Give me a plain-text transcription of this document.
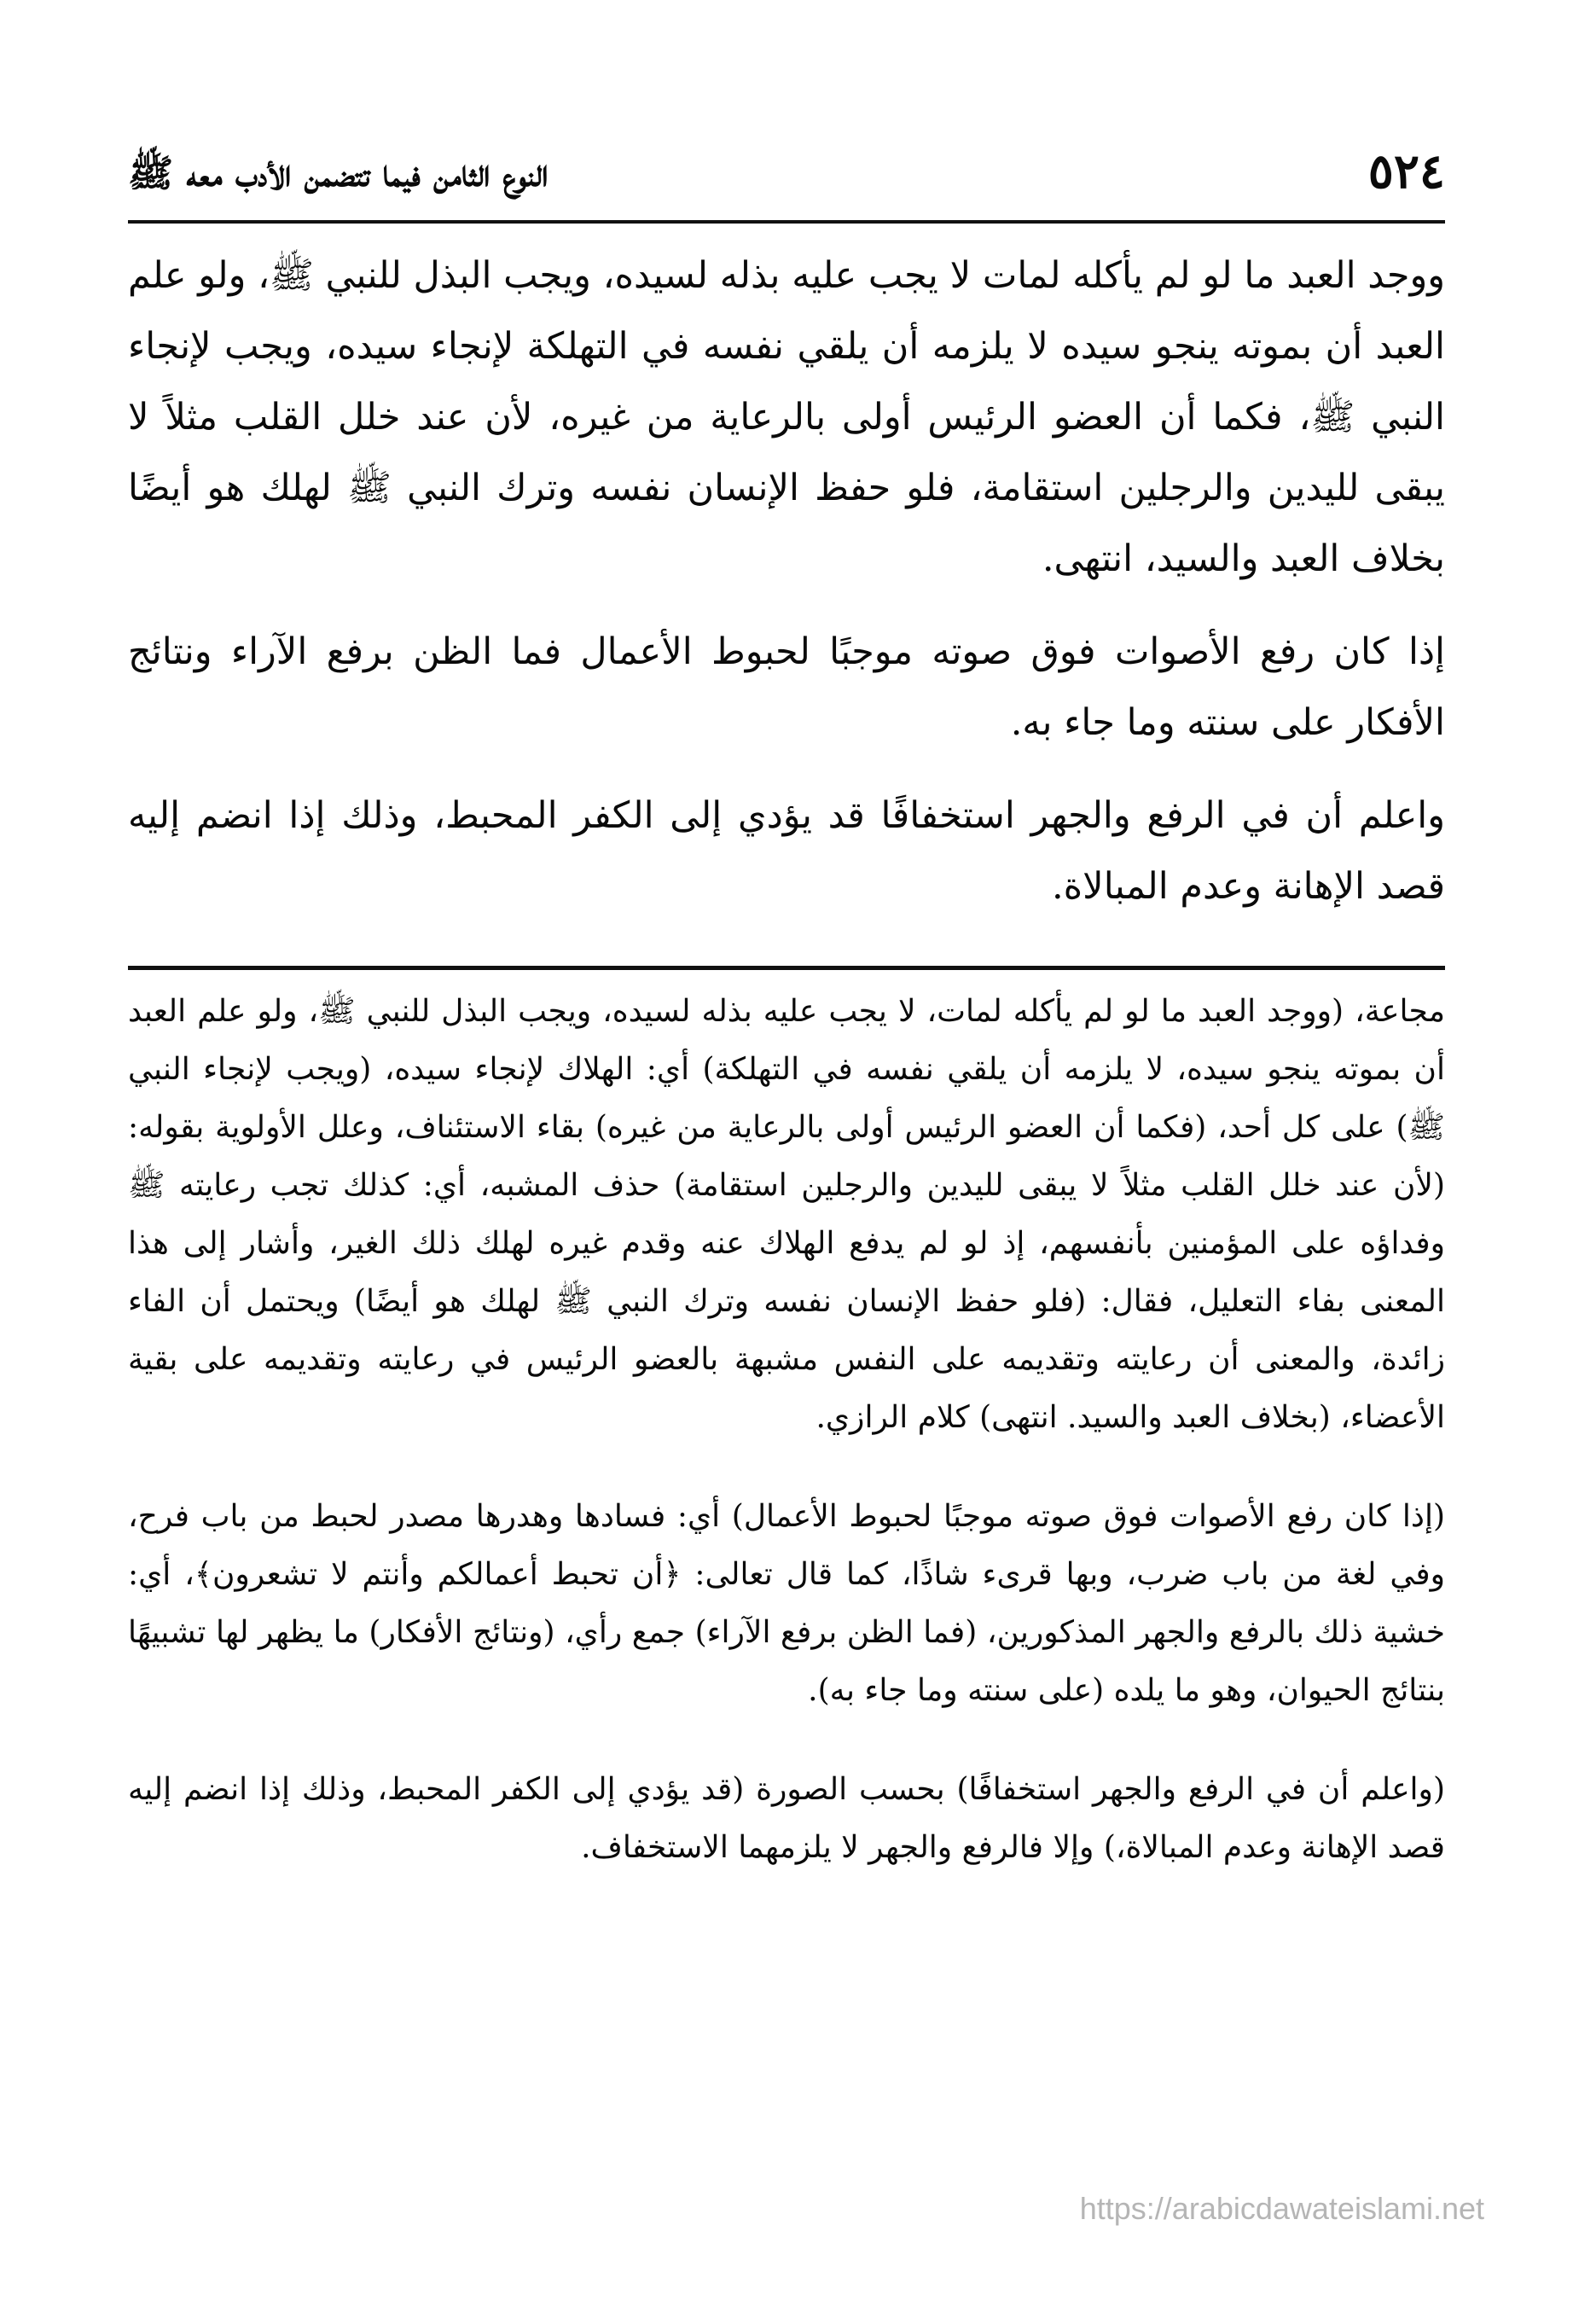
٥٢٤
النوع الثامن فيما تتضمن الأدب معه ﷺ

ووجد العبد ما لو لم يأكله لمات لا يجب عليه بذله لسيده، ويجب البذل للنبي ﷺ، ولو علم العبد أن بموته ينجو سيده لا يلزمه أن يلقي نفسه في التهلكة لإنجاء سيده، ويجب لإنجاء النبي ﷺ، فكما أن العضو الرئيس أولى بالرعاية من غيره، لأن عند خلل القلب مثلاً لا يبقى لليدين والرجلين استقامة، فلو حفظ الإنسان نفسه وترك النبي ﷺ لهلك هو أيضًا بخلاف العبد والسيد، انتهى.

إذا كان رفع الأصوات فوق صوته موجبًا لحبوط الأعمال فما الظن برفع الآراء ونتائج الأفكار على سنته وما جاء به.

واعلم أن في الرفع والجهر استخفافًا قد يؤدي إلى الكفر المحبط، وذلك إذا انضم إليه قصد الإهانة وعدم المبالاة.

مجاعة، (ووجد العبد ما لو لم يأكله لمات، لا يجب عليه بذله لسيده، ويجب البذل للنبي ﷺ، ولو علم العبد أن بموته ينجو سيده، لا يلزمه أن يلقي نفسه في التهلكة) أي: الهلاك لإنجاء سيده، (ويجب لإنجاء النبي ﷺ) على كل أحد، (فكما أن العضو الرئيس أولى بالرعاية من غيره) بقاء الاستئناف، وعلل الأولوية بقوله: (لأن عند خلل القلب مثلاً لا يبقى لليدين والرجلين استقامة) حذف المشبه، أي: كذلك تجب رعايته ﷺ وفداؤه على المؤمنين بأنفسهم، إذ لو لم يدفع الهلاك عنه وقدم غيره لهلك ذلك الغير، وأشار إلى هذا المعنى بفاء التعليل، فقال: (فلو حفظ الإنسان نفسه وترك النبي ﷺ لهلك هو أيضًا) ويحتمل أن الفاء زائدة، والمعنى أن رعايته وتقديمه على النفس مشبهة بالعضو الرئيس في رعايته وتقديمه على بقية الأعضاء، (بخلاف العبد والسيد. انتهى) كلام الرازي.

(إذا كان رفع الأصوات فوق صوته موجبًا لحبوط الأعمال) أي: فسادها وهدرها مصدر لحبط من باب فرح، وفي لغة من باب ضرب، وبها قرىء شاذًا، كما قال تعالى: ﴿أن تحبط أعمالكم وأنتم لا تشعرون﴾، أي: خشية ذلك بالرفع والجهر المذكورين، (فما الظن برفع الآراء) جمع رأي، (ونتائج الأفكار) ما يظهر لها تشبيهًا بنتائج الحيوان، وهو ما يلده (على سنته وما جاء به).

(واعلم أن في الرفع والجهر استخفافًا) بحسب الصورة (قد يؤدي إلى الكفر المحبط، وذلك إذا انضم إليه قصد الإهانة وعدم المبالاة،) وإلا فالرفع والجهر لا يلزمهما الاستخفاف.

https://arabicdawateislami.net
